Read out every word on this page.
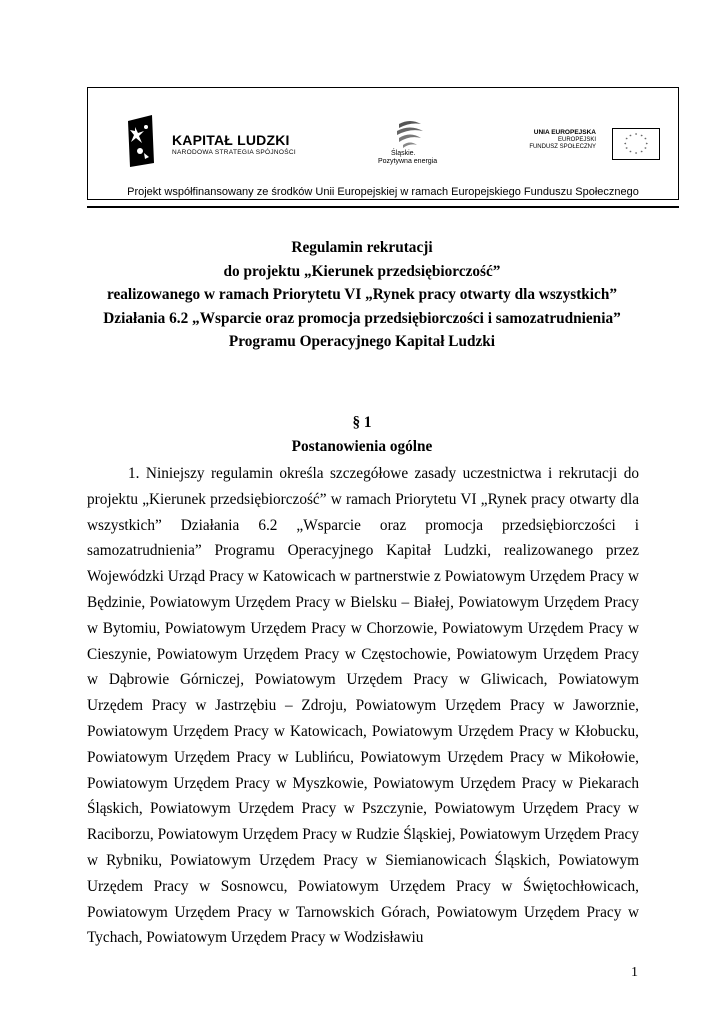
KAPITAŁ LUDZKI
NARODOWA STRATEGIA SPÓJNOŚCI	Śląskie.
Pozytywna energia
UNIA EUROPEJSKA
EUROPEJSKI
FUNDUSZ SPOŁECZNY
* *
*
*
*
*
*
*
*
*
*
*
Projekt współfinansowany ze środków Unii Europejskiej w ramach Europejskiego Funduszu Społecznego
Regulamin rekrutacji
do projektu „Kierunek przedsiębiorczość”
realizowanego w ramach Priorytetu VI „Rynek pracy otwarty dla wszystkich”
Działania 6.2 „Wsparcie oraz promocja przedsiębiorczości i samozatrudnienia”
Programu Operacyjnego Kapitał Ludzki
§ 1
Postanowienia ogólne

1. Niniejszy regulamin określa szczegółowe zasady uczestnictwa i rekrutacji do projektu „Kierunek przedsiębiorczość” w ramach Priorytetu VI „Rynek pracy otwarty dla wszystkich” Działania 6.2 „Wsparcie oraz promocja przedsiębiorczości i samozatrudnienia” Programu Operacyjnego Kapitał Ludzki, realizowanego przez Wojewódzki Urząd Pracy w Katowicach w partnerstwie z Powiatowym Urzędem Pracy w Będzinie, Powiatowym Urzędem Pracy w Bielsku – Białej, Powiatowym Urzędem Pracy w Bytomiu, Powiatowym Urzędem Pracy w Chorzowie, Powiatowym Urzędem Pracy w Cieszynie, Powiatowym Urzędem Pracy w Częstochowie, Powiatowym Urzędem Pracy w Dąbrowie Górniczej, Powiatowym Urzędem Pracy w Gliwicach, Powiatowym Urzędem Pracy w Jastrzębiu – Zdroju, Powiatowym Urzędem Pracy w Jaworznie, Powiatowym Urzędem Pracy w Katowicach, Powiatowym Urzędem Pracy w Kłobucku, Powiatowym Urzędem Pracy w Lublińcu, Powiatowym Urzędem Pracy w Mikołowie, Powiatowym Urzędem Pracy w Myszkowie, Powiatowym Urzędem Pracy w Piekarach Śląskich, Powiatowym Urzędem Pracy w Pszczynie, Powiatowym Urzędem Pracy w Raciborzu, Powiatowym Urzędem Pracy w Rudzie Śląskiej, Powiatowym Urzędem Pracy w Rybniku, Powiatowym Urzędem Pracy w Siemianowicach Śląskich, Powiatowym Urzędem Pracy w Sosnowcu, Powiatowym Urzędem Pracy w Świętochłowicach, Powiatowym Urzędem Pracy w Tarnowskich Górach, Powiatowym Urzędem Pracy w Tychach, Powiatowym Urzędem Pracy w Wodzisławiu

1
